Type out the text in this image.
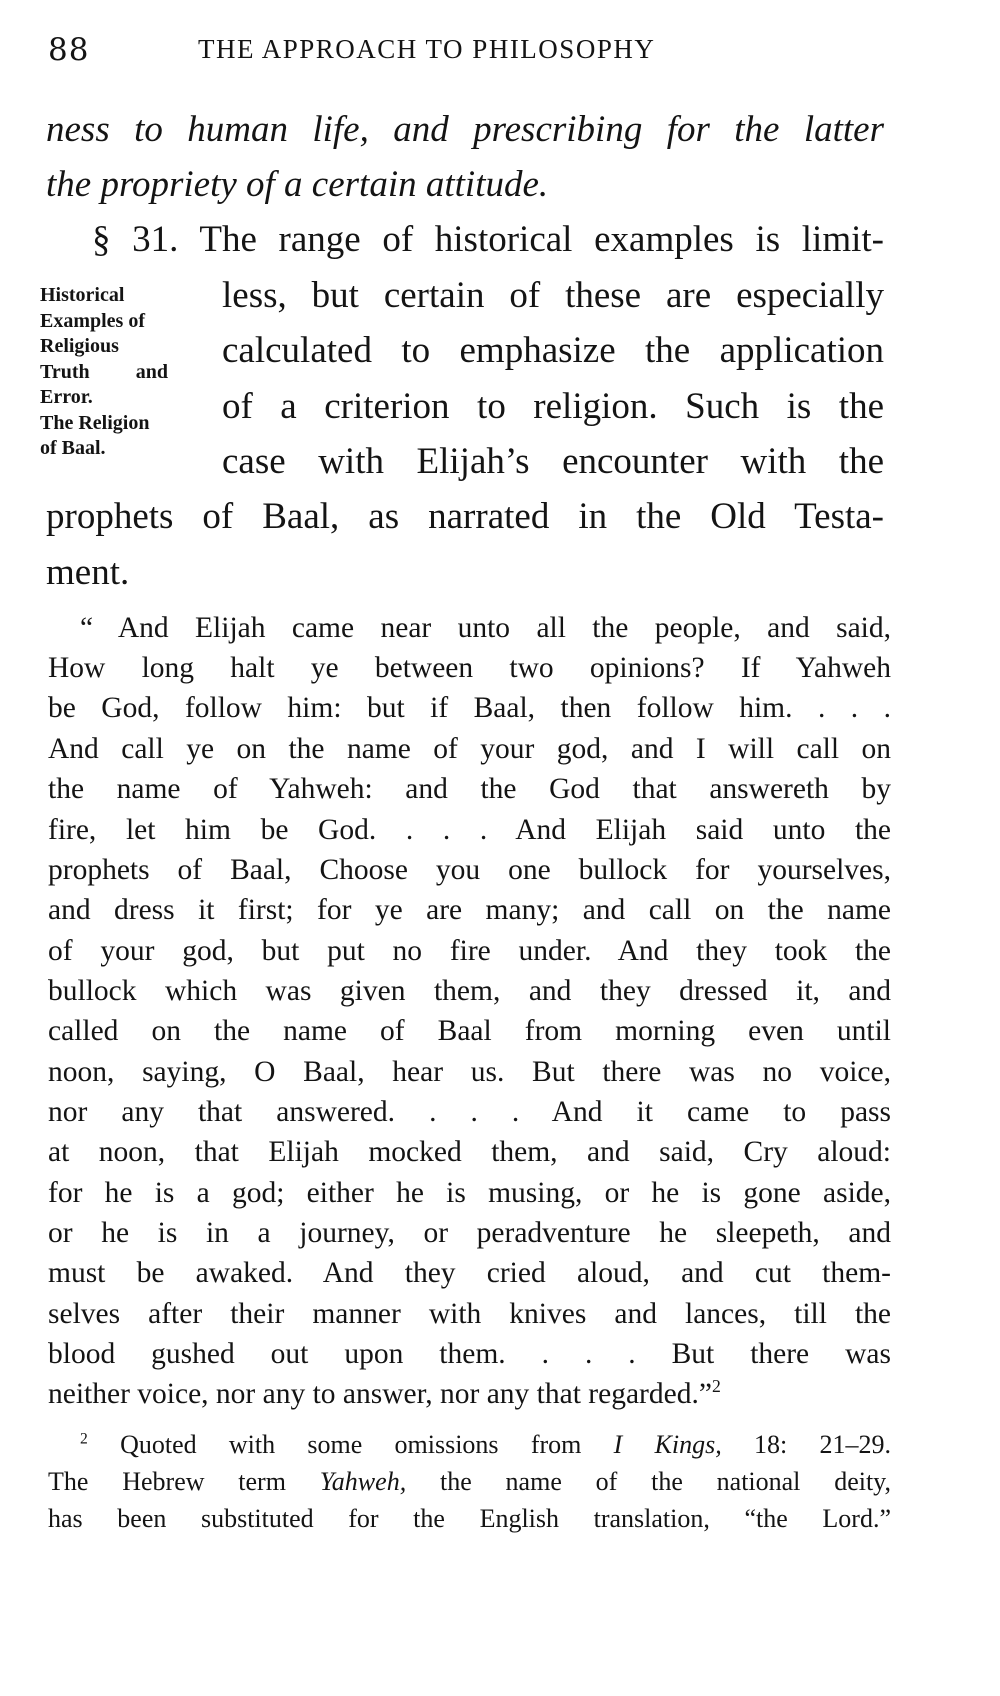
88	THE APPROACH TO PHILOSOPHY
ness to human life, and prescribing for the latter
the propriety of a certain attitude.
§ 31. The range of historical examples is limit-
less, but certain of these are especially
calculated to emphasize the application
of a criterion to religion. Such is the
case with Elijah’s encounter with the
prophets of Baal, as narrated in the Old Testa-
ment.
Historical
Examples of
Religious
Truth and
Error.
The Religion
of Baal.
“ And Elijah came near unto all the people, and said,
How long halt ye between two opinions? If Yahweh
be God, follow him: but if Baal, then follow him. . . .
And call ye on the name of your god, and I will call on
the name of Yahweh: and the God that answereth by
fire, let him be God. . . . And Elijah said unto the
prophets of Baal, Choose you one bullock for yourselves,
and dress it first; for ye are many; and call on the name
of your god, but put no fire under. And they took the
bullock which was given them, and they dressed it, and
called on the name of Baal from morning even until
noon, saying, O Baal, hear us. But there was no voice,
nor any that answered. . . . And it came to pass
at noon, that Elijah mocked them, and said, Cry aloud:
for he is a god; either he is musing, or he is gone aside,
or he is in a journey, or peradventure he sleepeth, and
must be awaked. And they cried aloud, and cut them-
selves after their manner with knives and lances, till the
blood gushed out upon them. . . . But there was
neither voice, nor any to answer, nor any that regarded.”$^2$
$^2$ Quoted with some omissions from I Kings, 18: 21–29.
The Hebrew term Yahweh, the name of the national deity,
has been substituted for the English translation, “the Lord.”
